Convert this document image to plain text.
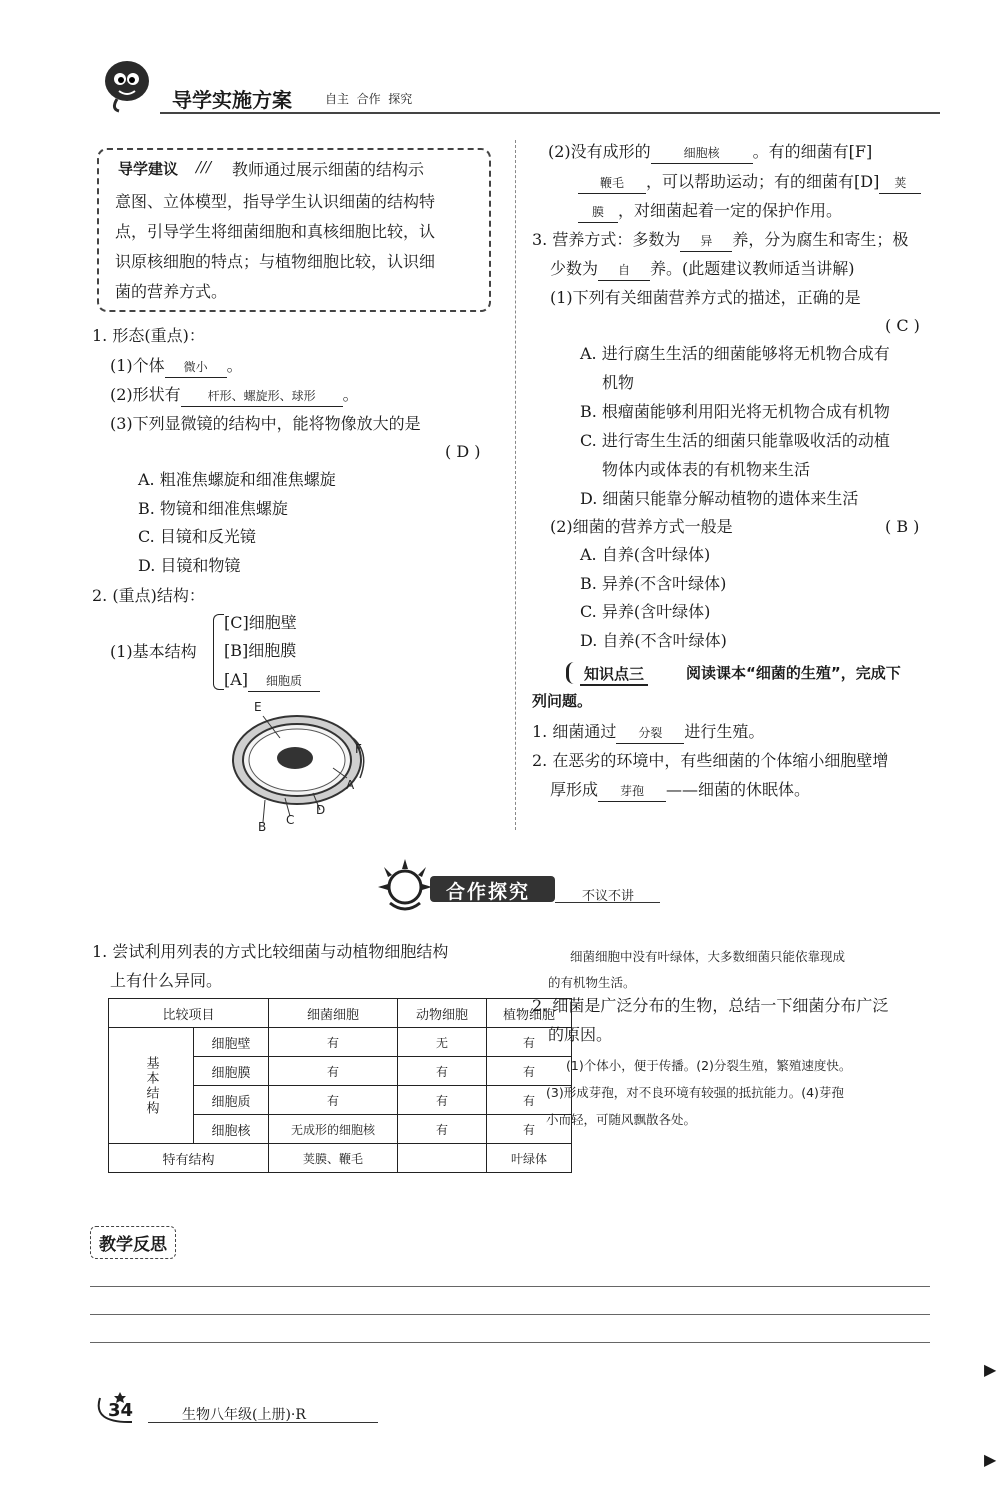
导学实施方案	自主  合作  探究
导学建议 /// 教师通过展示细菌的结构示
意图、立体模型，指导学生认识细菌的结构特
点，引导学生将细菌细胞和真核细胞比较，认
识原核细胞的特点；与植物细胞比较，认识细
菌的营养方式。
1. 形态(重点)：
(1)个体 微小 。
(2)形状有 杆形、螺旋形、球形 。
(3)下列显微镜的结构中，能将物像放大的是
( D )
A. 粗准焦螺旋和细准焦螺旋
B. 物镜和细准焦螺旋
C. 目镜和反光镜
D. 目镜和物镜
2. (重点)结构：
(1)基本结构
[C]细胞壁
[B]细胞膜
[A] 细胞质
E
F
A
D
C
B
(2)没有成形的	细胞核 。有的细菌有[F]
鞭毛 ，可以帮助运动；有的细菌有[D] 荚
膜 ，对细菌起着一定的保护作用。
3. 营养方式：多数为 异 养，分为腐生和寄生；极
少数为 自 养。(此题建议教师适当讲解)
(1)下列有关细菌营养方式的描述，正确的是
( C )
A. 进行腐生生活的细菌能够将无机物合成有
机物
B. 根瘤菌能够利用阳光将无机物合成有机物
C. 进行寄生生活的细菌只能靠吸收活的动植
物体内或体表的有机物来生活
D. 细菌只能靠分解动植物的遗体来生活
(2)细菌的营养方式一般是	( B )
A. 自养(含叶绿体)
B. 异养(不含叶绿体)
C. 异养(含叶绿体)
D. 自养(不含叶绿体)
知识点三	阅读课本“细菌的生殖”，完成下
列问题。
1. 细菌通过 分裂 进行生殖。
2. 在恶劣的环境中，有些细菌的个体缩小细胞壁增
厚形成 芽孢 ——细菌的休眠体。
合作探究	不议不讲
1. 尝试利用列表的方式比较细菌与动植物细胞结构
上有什么异同。
比较项目		细菌细胞	动物细胞	植物细胞
基本结构	细胞壁	有	无	有
	细胞膜	有	有	有
	细胞质	有	有	有
	细胞核	无成形的细胞核	有	有
特有结构		荚膜、鞭毛		叶绿体
细菌细胞中没有叶绿体，大多数细菌只能依靠现成
的有机物生活。
2. 细菌是广泛分布的生物，总结一下细菌分布广泛
的原因。
(1)个体小，便于传播。(2)分裂生殖，繁殖速度快。
(3)形成芽孢，对不良环境有较强的抵抗能力。(4)芽孢
小而轻，可随风飘散各处。
教学反思
34	生物八年级(上册)·R
▶
▶
